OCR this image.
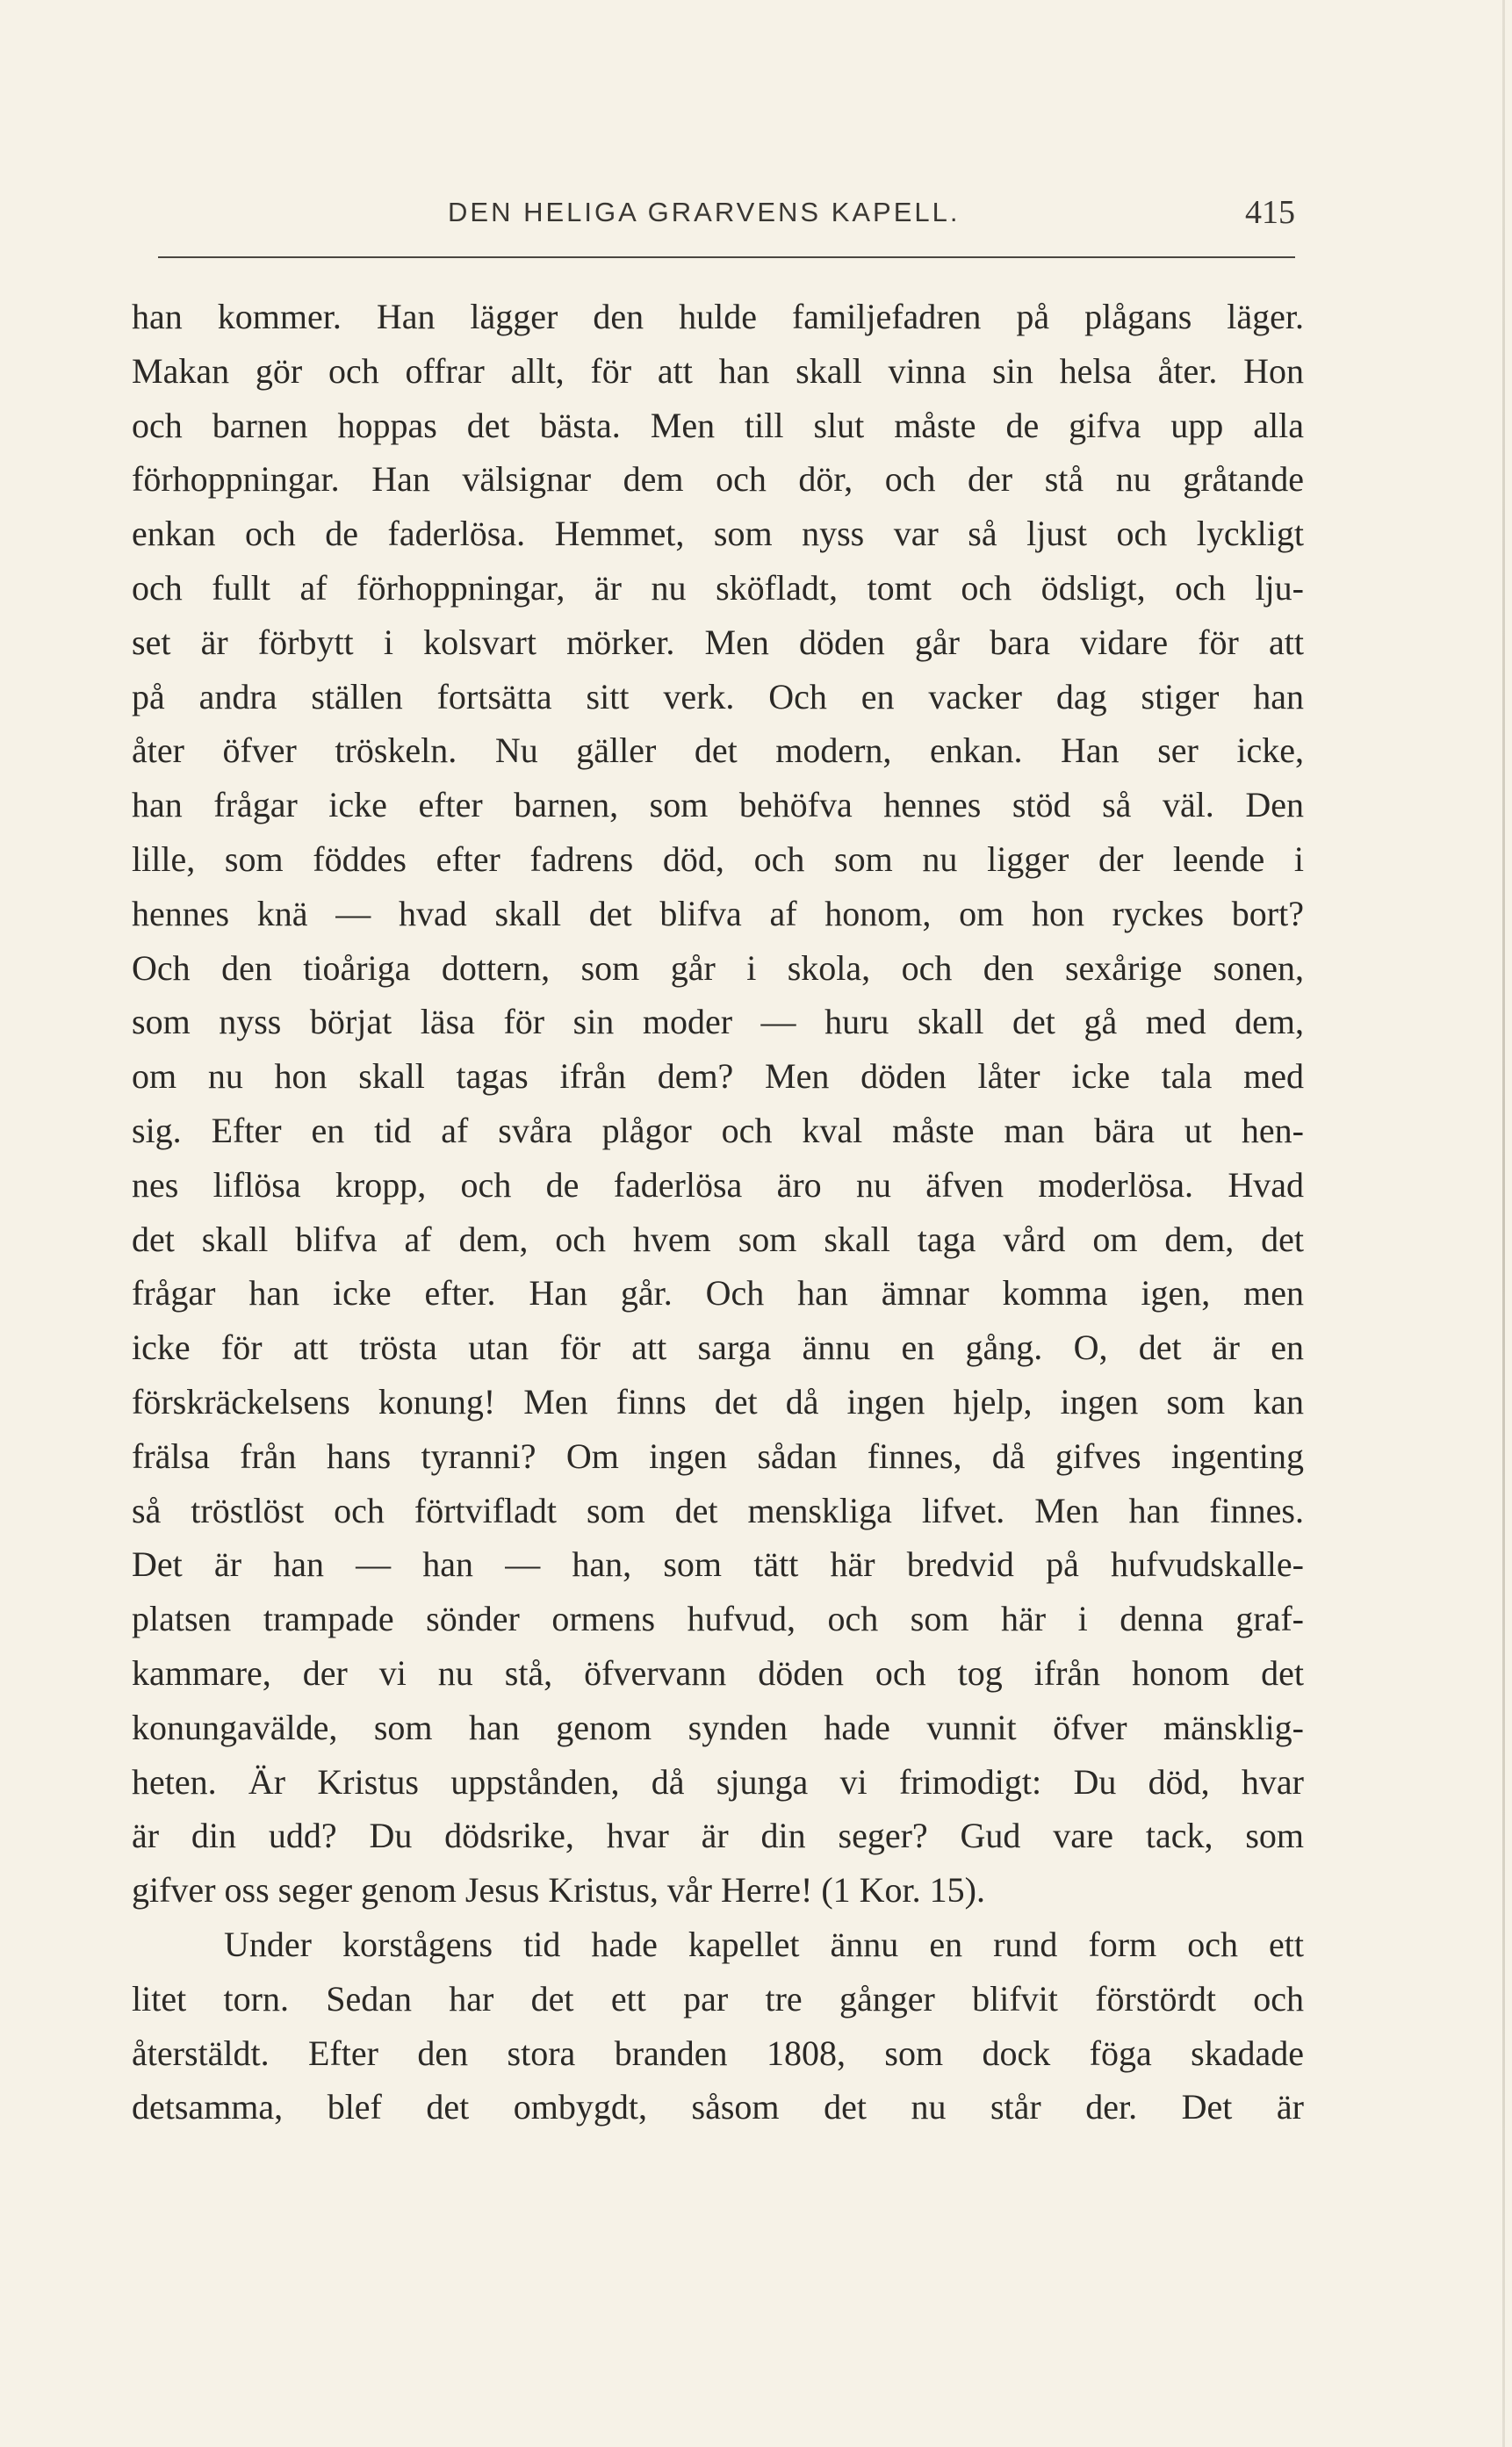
DEN HELIGA GRARVENS KAPELL.	415
han kommer. Han lägger den hulde familjefadren på plågans läger.
Makan gör och offrar allt, för att han skall vinna sin helsa åter. Hon
och barnen hoppas det bästa. Men till slut måste de gifva upp alla
förhoppningar. Han välsignar dem och dör, och der stå nu gråtande
enkan och de faderlösa. Hemmet, som nyss var så ljust och lyckligt
och fullt af förhoppningar, är nu sköfladt, tomt och ödsligt, och lju-
set är förbytt i kolsvart mörker. Men döden går bara vidare för att
på andra ställen fortsätta sitt verk. Och en vacker dag stiger han
åter öfver tröskeln. Nu gäller det modern, enkan. Han ser icke,
han frågar icke efter barnen, som behöfva hennes stöd så väl. Den
lille, som föddes efter fadrens död, och som nu ligger der leende i
hennes knä — hvad skall det blifva af honom, om hon ryckes bort?
Och den tioåriga dottern, som går i skola, och den sexårige sonen,
som nyss börjat läsa för sin moder — huru skall det gå med dem,
om nu hon skall tagas ifrån dem? Men döden låter icke tala med
sig. Efter en tid af svåra plågor och kval måste man bära ut hen-
nes liflösa kropp, och de faderlösa äro nu äfven moderlösa. Hvad
det skall blifva af dem, och hvem som skall taga vård om dem, det
frågar han icke efter. Han går. Och han ämnar komma igen, men
icke för att trösta utan för att sarga ännu en gång. O, det är en
förskräckelsens konung! Men finns det då ingen hjelp, ingen som kan
frälsa från hans tyranni? Om ingen sådan finnes, då gifves ingenting
så tröstlöst och förtvifladt som det menskliga lifvet. Men han finnes.
Det är han — han — han, som tätt här bredvid på hufvudskalle-
platsen trampade sönder ormens hufvud, och som här i denna graf-
kammare, der vi nu stå, öfvervann döden och tog ifrån honom det
konungavälde, som han genom synden hade vunnit öfver mänsklig-
heten. Är Kristus uppstånden, då sjunga vi frimodigt: Du död, hvar
är din udd? Du dödsrike, hvar är din seger? Gud vare tack, som
gifver oss seger genom Jesus Kristus, vår Herre! (1 Kor. 15).
Under korstågens tid hade kapellet ännu en rund form och ett
litet torn. Sedan har det ett par tre gånger blifvit förstördt och
återstäldt. Efter den stora branden 1808, som dock föga skadade
detsamma, blef det ombygdt, såsom det nu står der. Det är
